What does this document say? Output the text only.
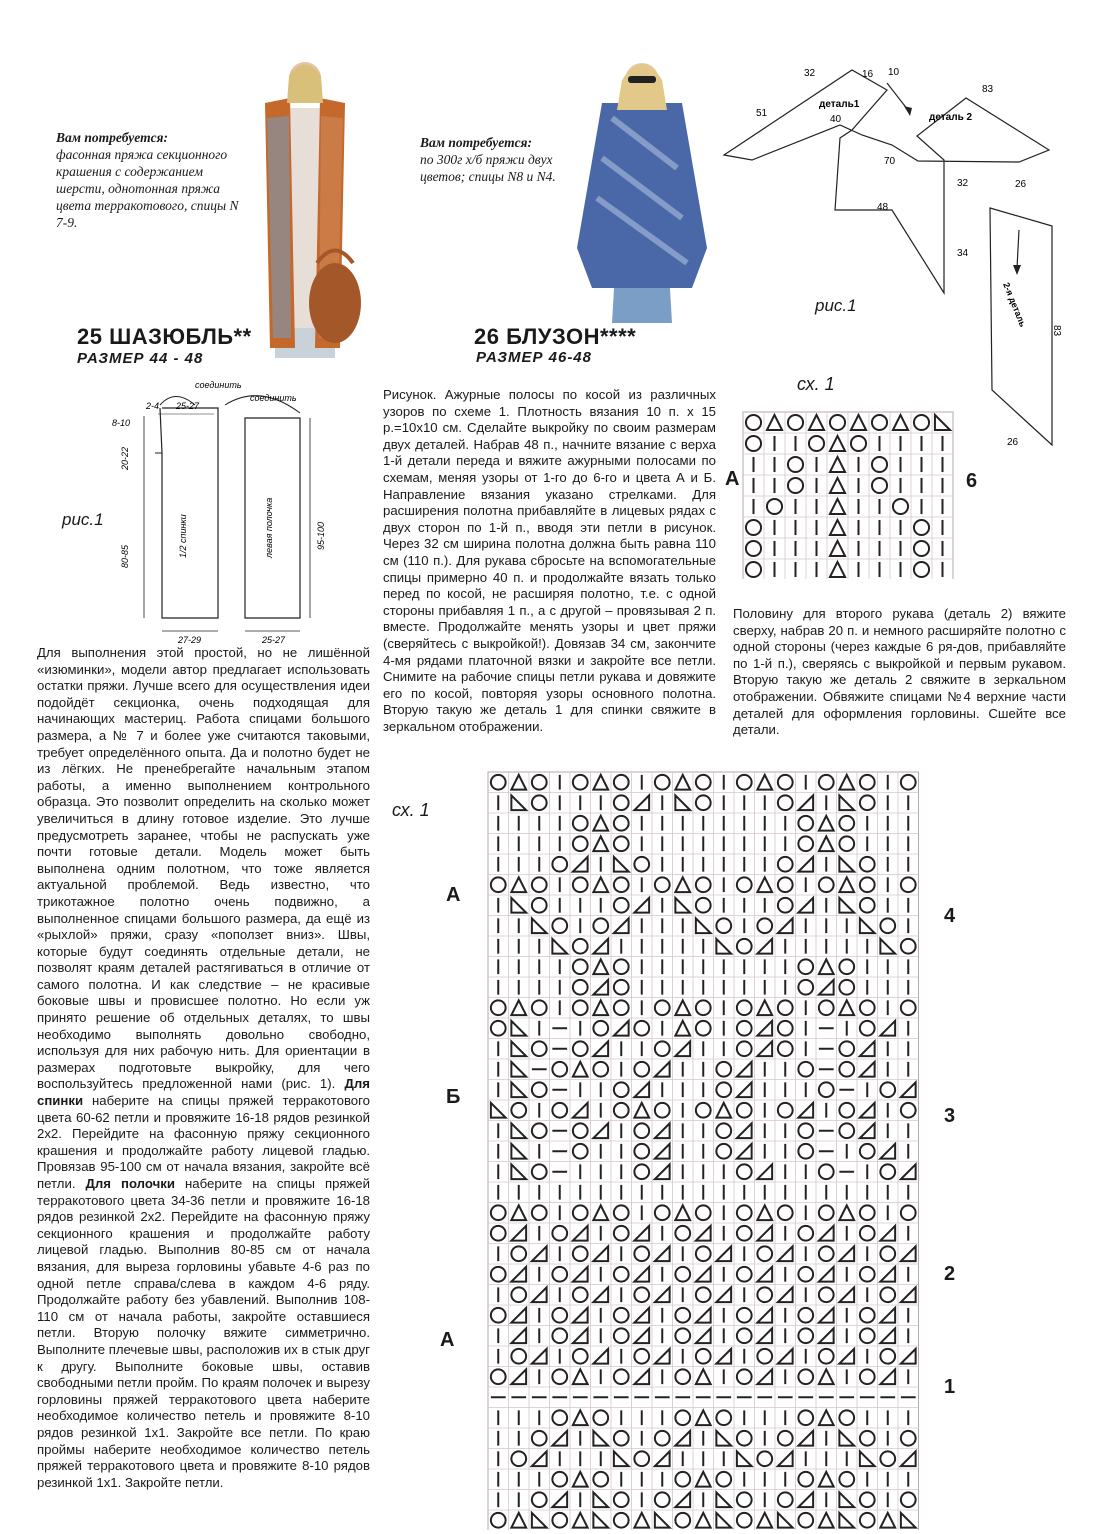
Вам потребуется:
фасонная пряжа секционного крашения с содержанием шерсти, однотонная пряжа цвета терракотового, спицы N 7-9.
Вам потребуется:
по 300г х/б пряжи двух цветов; спицы N8 и N4.
25 ШАЗЮБЛЬ**
РАЗМЕР 44 - 48
26 БЛУЗОН****
РАЗМЕР 46-48
рис.1
соединить
соединить
2-4 25-27
8-10
20-22
80-85
95-100
27-29	25-27
1/2 спинки	левая полочка
Для выполнения этой простой, но не лишённой «изюминки», модели автор предлагает использовать остатки пряжи. Лучше всего для осуществления идеи подойдёт секционка, очень подходящая для начинающих мастериц. Работа спицами большого размера, а № 7 и более уже считаются таковыми, требует определённого опыта. Да и полотно будет не из лёгких. Не пренебрегайте начальным этапом работы, а именно выполнением контрольного образца. Это позволит определить на сколько может увеличиться в длину готовое изделие. Это лучше предусмотреть заранее, чтобы не распускать уже почти готовые детали. Модель может быть выполнена одним полотном, что тоже является актуальной проблемой. Ведь известно, что трикотажное полотно очень подвижно, а выполненное спицами большого размера, да ещё из «рыхлой» пряжи, сразу «поползет вниз». Швы, которые будут соединять отдельные детали, не позволят краям деталей растягиваться в отличие от самого полотна. И как следствие – не красивые боковые швы и провисшее полотно. Но если уж принято решение об отдельных деталях, то швы необходимо выполнять довольно свободно, используя для них рабочую нить. Для ориентации в размерах подготовьте выкройку, для чего воспользуйтесь предложенной нами (рис. 1). Для спинки наберите на спицы пряжей терракотового цвета 60-62 петли и провяжите 16-18 рядов резинкой 2х2. Перейдите на фасонную пряжу секционного крашения и продолжайте работу лицевой гладью. Провязав 95-100 см от начала вязания, закройте всё петли. Для полочки наберите на спицы пряжей терракотового цвета 34-36 петли и провяжите 16-18 рядов резинкой 2х2. Перейдите на фасонную пряжу секционного крашения и продолжайте работу лицевой гладью. Выполнив 80-85 см от начала вязания, для выреза горловины убавьте 4-6 раз по одной петле справа/слева в каждом 4-6 ряду. Продолжайте работу без убавлений. Выполнив 108-110 см от начала работы, закройте оставшиеся петли. Вторую полочку вяжите симметрично. Выполните плечевые швы, расположив их в стык друг к другу. Выполните боковые швы, оставив свободными петли пройм. По краям полочек и вырезу горловины пряжей терракотового цвета наберите необходимое количество петель и провяжите 8-10 рядов резинкой 1х1. Закройте все петли. По краю проймы наберите необходимое количество петель пряжей терракотового цвета и провяжите 8-10 рядов резинкой 1х1. Закройте петли.
Рисунок. Ажурные полосы по косой из различных узоров по схеме 1. Плотность вязания 10 п. х 15 р.=10х10 см. Сделайте выкройку по своим размерам двух деталей. Набрав 48 п., начните вязание с верха 1-й детали переда и вяжите ажурными полосами по схемам, меняя узоры от 1-го до 6-го и цвета А и Б. Направление вязания указано стрелками. Для расширения полотна прибавляйте в лицевых рядах с двух сторон по 1-й п., вводя эти петли в рисунок. Через 32 см ширина полотна должна быть равна 110 см (110 п.). Для рукава сбросьте на вспомогательные спицы примерно 40 п. и продолжайте вязать только перед по косой, не расширяя полотно, т.е. с одной стороны прибавляя 1 п., а с другой – провязывая 2 п. вместе. Продолжайте менять узоры и цвет пряжи (сверяйтесь с выкройкой!). Довязав 34 см, закончите 4-мя рядами платочной вязки и закройте все петли. Снимите на рабочие спицы петли рукава и довяжите его по косой, повторяя узоры основного полотна. Вторую такую же деталь 1 для спинки свяжите в зеркальном отображении.
Половину для второго рукава (деталь 2) вяжите сверху, набрав 20 п. и немного расширяйте полотно с одной стороны (через каждые 6 ря-дов, прибавляйте по 1-й п.), сверяясь с выкройкой и первым рукавом. Вторую такую же деталь 2 свяжите в зеркальном отображении. Обвяжите спицами №4 верхние части деталей для оформления горловины. Сшейте все детали.
рис.1
51
32	16 10
83
деталь1
40	деталь 2
70
32	26
48
34
2-я деталь
83
26
сх. 1
А	6
сх. 1
А
Б
А
4
3
2
1
